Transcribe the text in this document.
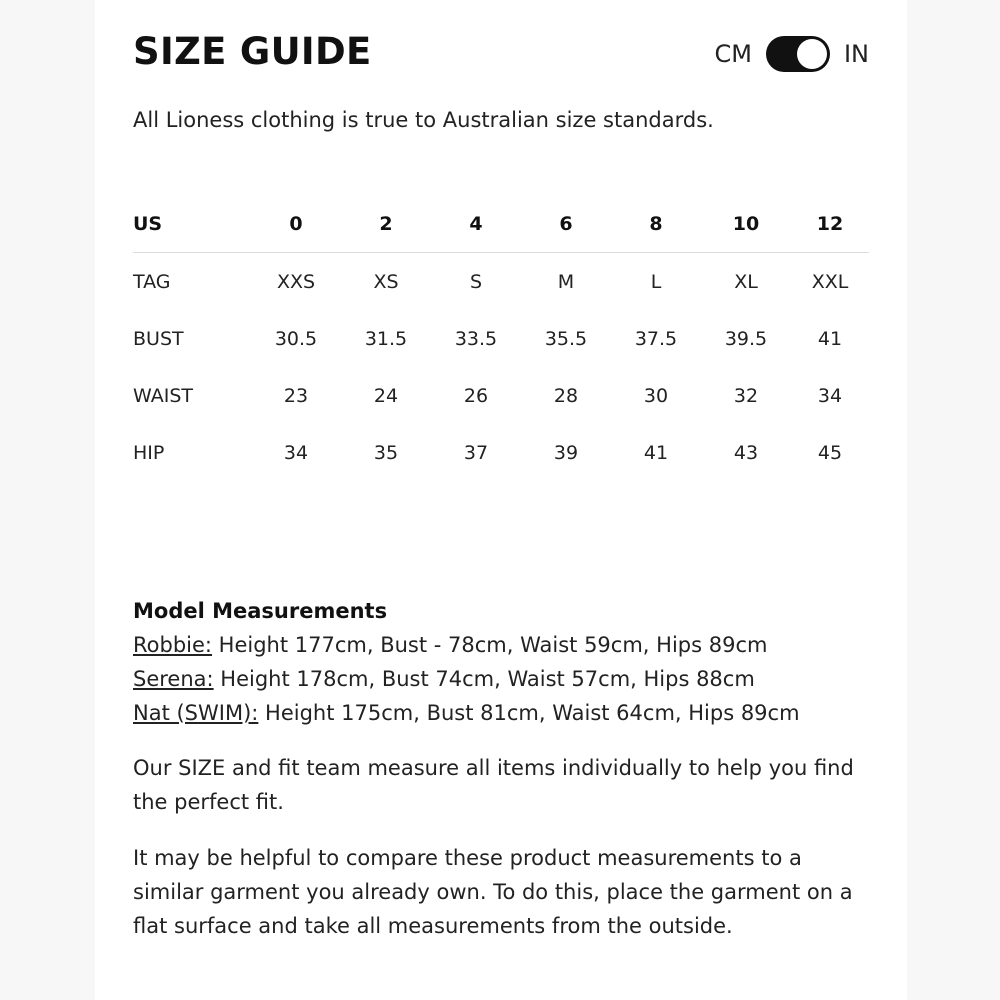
SIZE GUIDE	CM	IN
All Lioness clothing is true to Australian size standards.
US	0	2	4	6	8	10	12
TAG	XXS	XS	S	M	L	XL	XXL
BUST	30.5	31.5	33.5	35.5	37.5	39.5	41
WAIST	23	24	26	28	30	32	34
HIP	34	35	37	39	41	43	45
Model Measurements
Robbie: Height 177cm, Bust - 78cm, Waist 59cm, Hips 89cm
Serena: Height 178cm, Bust 74cm, Waist 57cm, Hips 88cm
Nat (SWIM): Height 175cm, Bust 81cm, Waist 64cm, Hips 89cm
Our SIZE and fit team measure all items individually to help you find the perfect fit.
It may be helpful to compare these product measurements to a similar garment you already own. To do this, place the garment on a flat surface and take all measurements from the outside.
